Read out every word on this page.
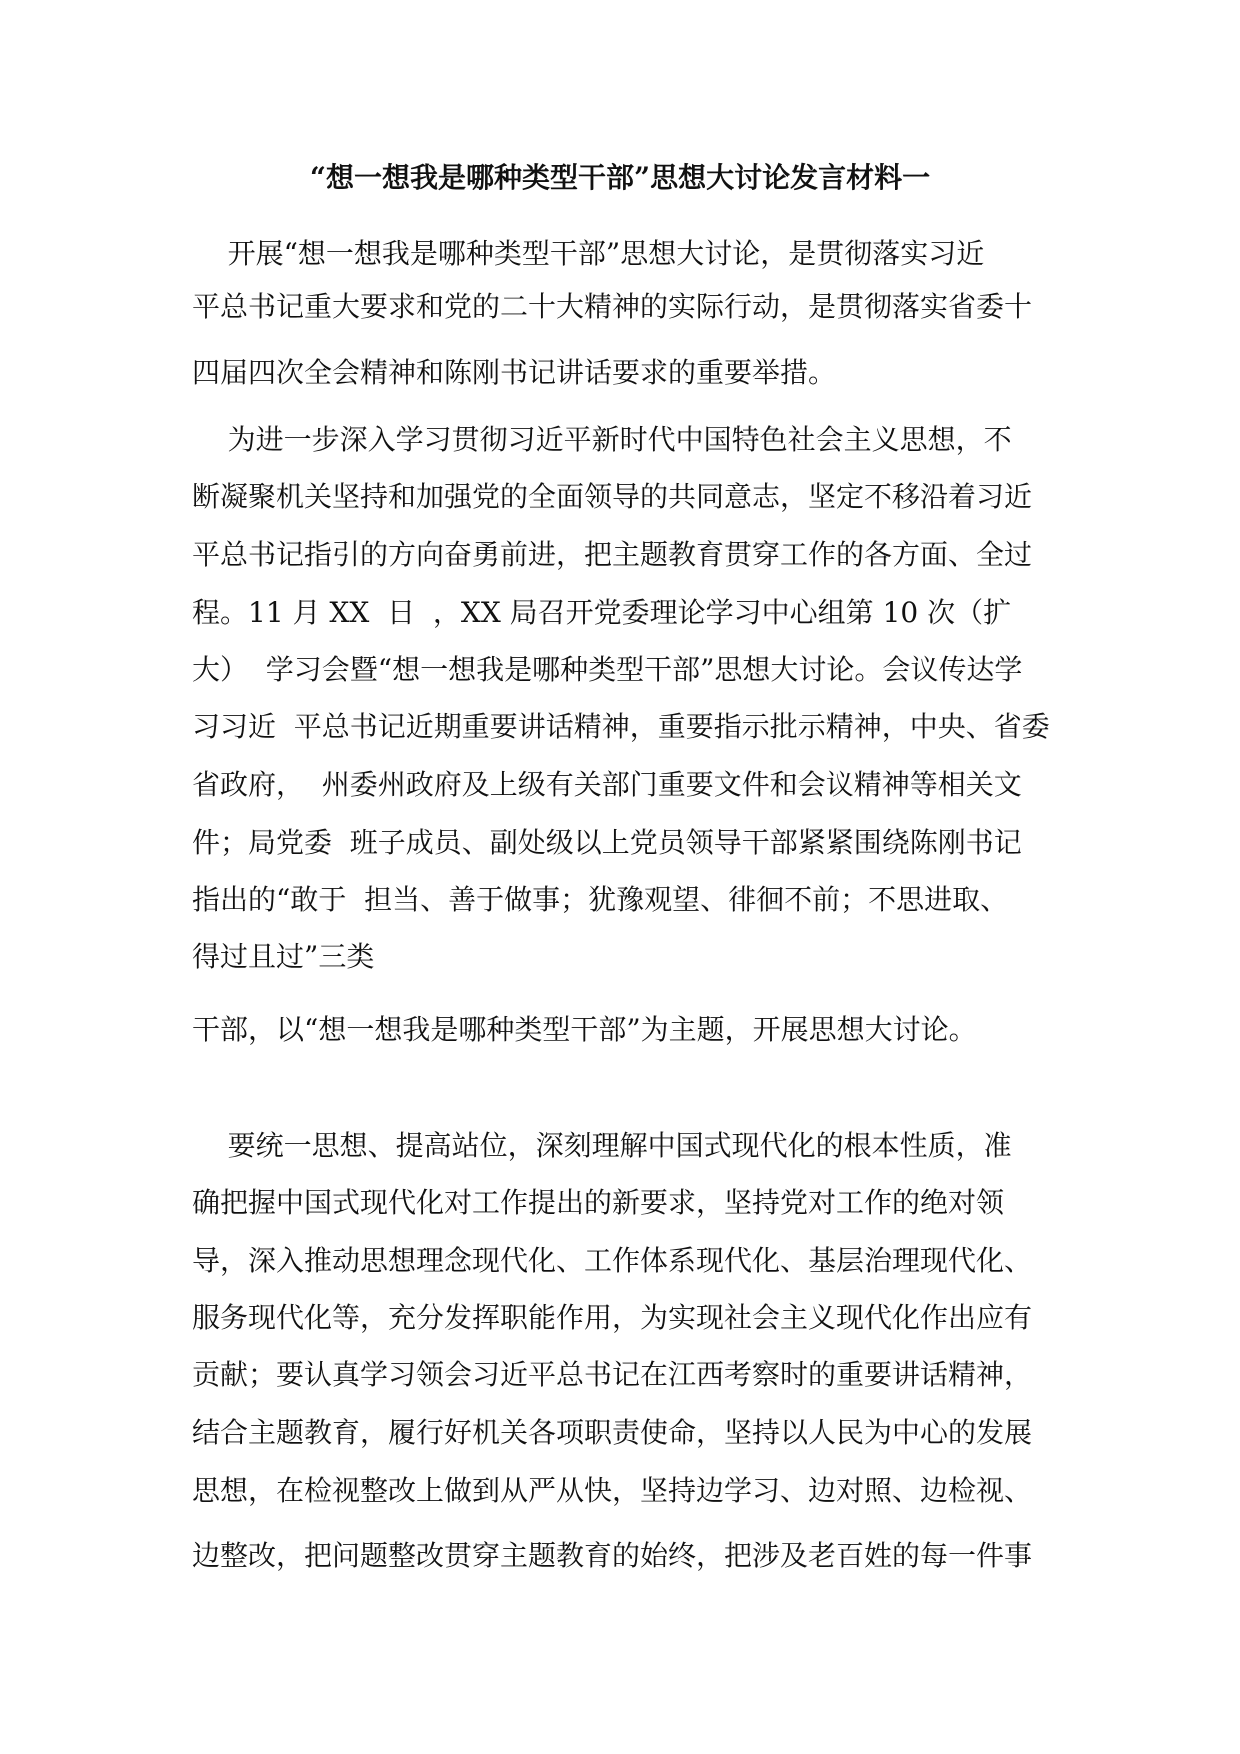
“想一想我是哪种类型干部”思想大讨论发言材料一

开展“想一想我是哪种类型干部”思想大讨论，是贯彻落实习近

平总书记重大要求和党的二十大精神的实际行动，是贯彻落实省委十

四届四次全会精神和陈刚书记讲话要求的重要举措。

为进一步深入学习贯彻习近平新时代中国特色社会主义思想，不

断凝聚机关坚持和加强党的全面领导的共同意志，坚定不移沿着习近

平总书记指引的方向奋勇前进，把主题教育贯穿工作的各方面、全过

程。11 月 XX  日  ，XX 局召开党委理论学习中心组第 10 次（扩

大）  学习会暨“想一想我是哪种类型干部”思想大讨论。会议传达学

习习近  平总书记近期重要讲话精神，重要指示批示精神，中央、省委

省政府，  州委州政府及上级有关部门重要文件和会议精神等相关文

件；局党委  班子成员、副处级以上党员领导干部紧紧围绕陈刚书记

指出的“敢于  担当、善于做事；犹豫观望、徘徊不前；不思进取、

得过且过”三类

干部，以“想一想我是哪种类型干部”为主题，开展思想大讨论。

要统一思想、提高站位，深刻理解中国式现代化的根本性质，准

确把握中国式现代化对工作提出的新要求，坚持党对工作的绝对领

导，深入推动思想理念现代化、工作体系现代化、基层治理现代化、

服务现代化等，充分发挥职能作用，为实现社会主义现代化作出应有

贡献；要认真学习领会习近平总书记在江西考察时的重要讲话精神，

结合主题教育，履行好机关各项职责使命，坚持以人民为中心的发展

思想，在检视整改上做到从严从快，坚持边学习、边对照、边检视、

边整改，把问题整改贯穿主题教育的始终，把涉及老百姓的每一件事
